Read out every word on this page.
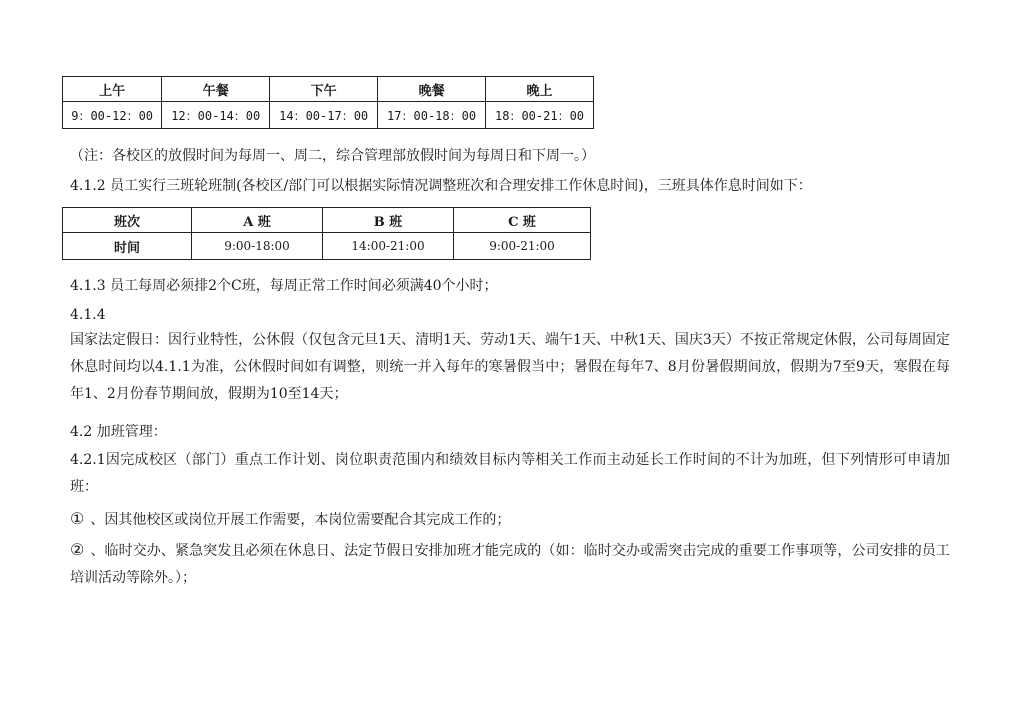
上午	午餐	下午	晚餐	晚上
9：00-12：00	12：00-14：00	14：00-17：00	17：00-18：00	18：00-21：00
（注：各校区的放假时间为每周一、周二，综合管理部放假时间为每周日和下周一。）
4.1.2 员工实行三班轮班制(各校区/部门可以根据实际情况调整班次和合理安排工作休息时间)，三班具体作息时间如下：
班次	A 班	B 班	C 班
时间	9:00-18:00	14:00-21:00	9:00-21:00
4.1.3 员工每周必须排2个C班，每周正常工作时间必须满40个小时；
4.1.4
国家法定假日：因行业特性，公休假（仅包含元旦1天、清明1天、劳动1天、端午1天、中秋1天、国庆3天）不按正常规定休假，公司每周固定休息时间均以4.1.1为准，公休假时间如有调整，则统一并入每年的寒暑假当中；暑假在每年7、8月份暑假期间放，假期为7至9天，寒假在每年1、2月份春节期间放，假期为10至14天；
4.2 加班管理：
4.2.1因完成校区（部门）重点工作计划、岗位职责范围内和绩效目标内等相关工作而主动延长工作时间的不计为加班，但下列情形可申请加班：
① 、因其他校区或岗位开展工作需要，本岗位需要配合其完成工作的；
② 、临时交办、紧急突发且必须在休息日、法定节假日安排加班才能完成的（如：临时交办或需突击完成的重要工作事项等，公司安排的员工培训活动等除外。）；
